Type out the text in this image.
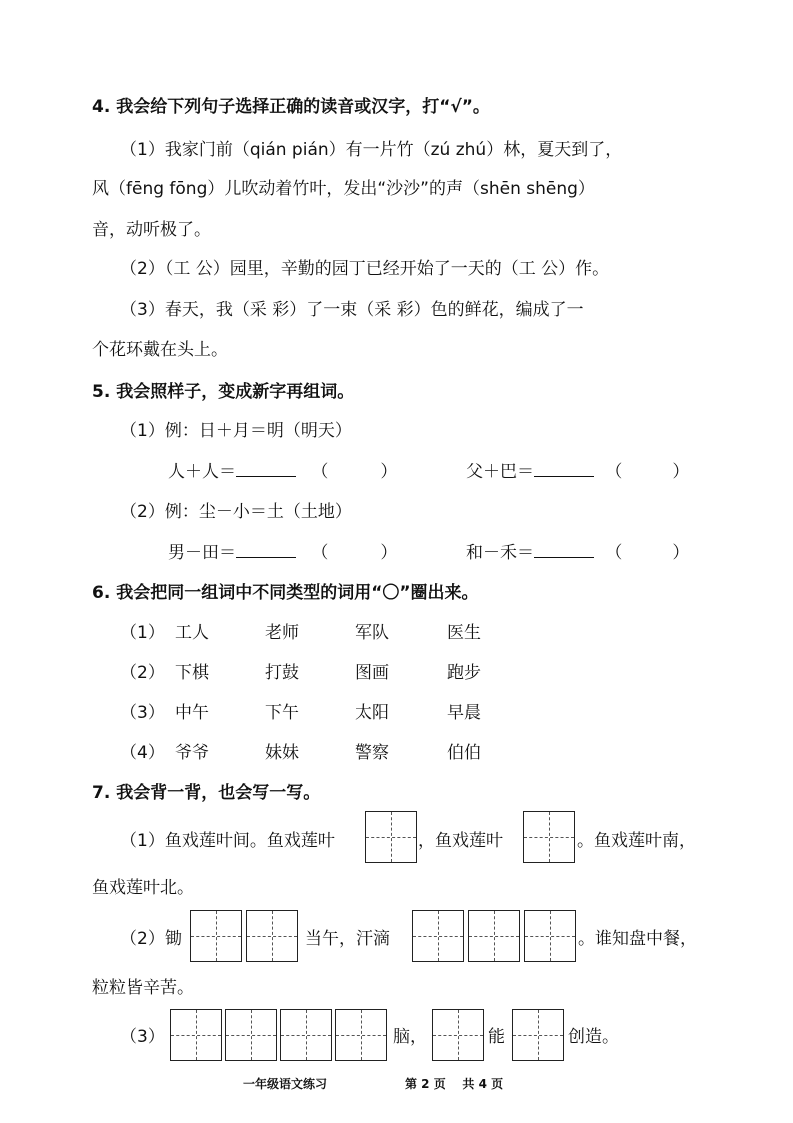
4. 我会给下列句子选择正确的读音或汉字，打“√”。
（1）我家门前（qián pián）有一片竹（zú zhú）林，夏天到了，
风（fēng fōng）儿吹动着竹叶，发出“沙沙”的声（shēn shēng）
音，动听极了。
（2）（工 公）园里，辛勤的园丁已经开始了一天的（工 公）作。
（3）春天，我（采 彩）了一束（采 彩）色的鲜花，编成了一
个花环戴在头上。
5. 我会照样子，变成新字再组词。
（1）例：日＋月＝明（明天）
人＋人＝	（	）	父＋巴＝	（	）
（2）例：尘－小＝土（土地）
男－田＝	（	）	和－禾＝	（	）
6. 我会把同一组词中不同类型的词用“〇”圈出来。
（1） 工人	老师	军队	医生
（2） 下棋	打鼓	图画	跑步
（3） 中午	下午	太阳	早晨
（4） 爷爷	妹妹	警察	伯伯
7. 我会背一背，也会写一写。
（1）鱼戏莲叶间。鱼戏莲叶	，鱼戏莲叶	。鱼戏莲叶南，
鱼戏莲叶北。
（2）锄	当午，汗滴	。谁知盘中餐，
粒粒皆辛苦。
（3）	脑，	能	创造。
一年级语文练习	第 2 页    共 4 页
